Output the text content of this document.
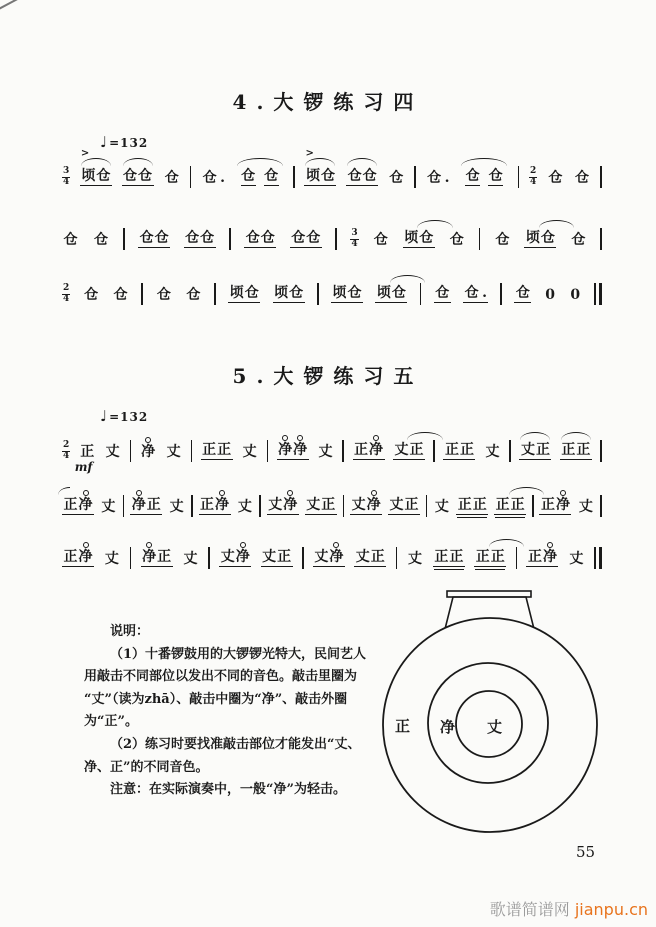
4.大锣练习四
♩=132
$\frac{3}{4}$ 顷 仓
> 仓 仓 仓 仓 . 仓 仓 顷 仓
> 仓 仓 仓 仓 . 仓 仓	$\frac{2}{4}$ 仓 仓
仓 仓 仓 仓 仓 仓 仓 仓 仓 仓	$\frac{3}{4}$ 仓 顷 仓 仓 仓 顷 仓 仓
$\frac{2}{4}$ 仓 仓 仓 仓 顷 仓 顷 仓 顷 仓 顷 仓 仓 仓 . 仓 0 0
5.大锣练习五
♩=132
$\frac{2}{4}$ 正
mf
丈 净 丈 正 正 丈 净 净 丈 正 净 丈 正 正 正 丈 丈 正 正 正
正 净 丈 净 正 丈 正 净 丈 丈 净 丈 正 丈 净 丈 正 丈 正 正 正 正 正 净 丈
正 净 丈 净 正 丈 丈 净 丈 正 丈 净 丈 正 丈 正 正 正 正 正 净 丈
说明：
（1）十番锣鼓用的大锣锣光特大，民间艺人
用敲击不同部位以发出不同的音色。敲击里圈为
“丈”（读为zhā）、敲击中圈为“净”、敲击外圈
为“正”。
（2）练习时要找准敲击部位才能发出“丈、
净、正”的不同音色。
注意：在实际演奏中，一般“净”为轻击。
正 净 丈
55
歌谱简谱网 jianpu.cn
